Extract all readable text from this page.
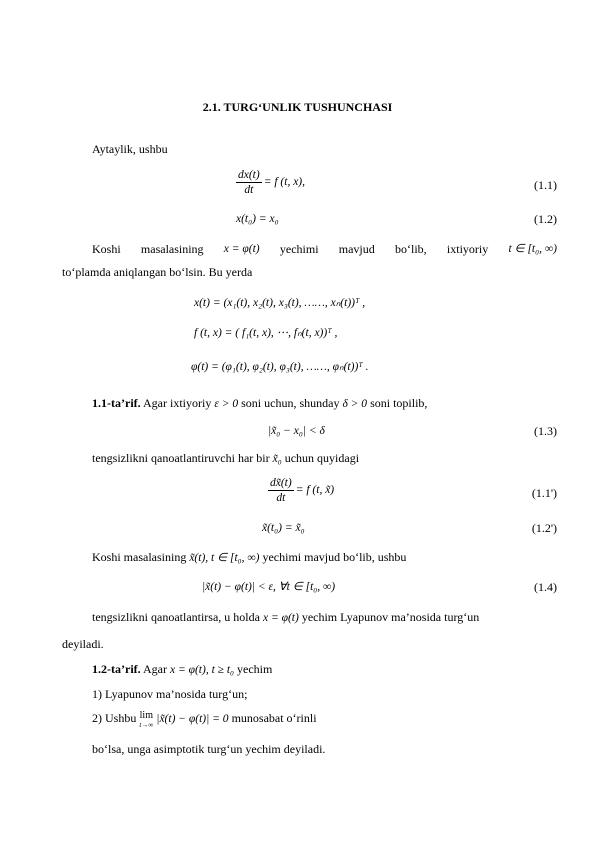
2.1. TURG‘UNLIK TUSHUNCHASI
Aytaylik, ushbu
$\frac{dx(t)}{dt} = f$ (t, x),	(1.1)
x(t₀) = x₀	(1.2)
Koshi masalasining x = φ(t) yechimi mavjud bo‘lib, ixtiyoriy t ∈ [t₀, ∞)
to‘plamda aniqlangan bo‘lsin. Bu yerda
x(t) = (x₁(t), x₂(t), x₃(t), ……, xₙ(t))ᵀ ,
f (t, x) = ( f₁(t, x), ⋯, fₙ(t, x))ᵀ ,
φ(t) = (φ₁(t), φ₂(t), φ₃(t), ……, φₙ(t))ᵀ .
1.1-ta’rif. Agar ixtiyoriy ε > 0 soni uchun, shunday δ > 0 soni topilib,
|x̃₀ − x₀| < δ	(1.3)
tengsizlikni qanoatlantiruvchi har bir x̃₀ uchun quyidagi
$\frac{dx̃(t)}{dt} = f$ (t, x̃)	(1.1')
x̃(t₀) = x̃₀	(1.2')
Koshi masalasining x̃(t), t ∈ [t₀, ∞) yechimi mavjud bo‘lib, ushbu
|x̃(t) − φ(t)| < ε, ∀t ∈ [t₀, ∞)	(1.4)
tengsizlikni qanoatlantirsa, u holda x = φ(t) yechim Lyapunov ma’nosida turg‘un
deyiladi.
1.2-ta’rif. Agar x = φ(t), t ≥ t₀ yechim
1) Lyapunov ma’nosida turg‘un;
2) Ushbu lim
t→∞ |x̃(t) − φ(t)| = 0 munosabat o‘rinli
bo‘lsa, unga asimptotik turg‘un yechim deyiladi.
